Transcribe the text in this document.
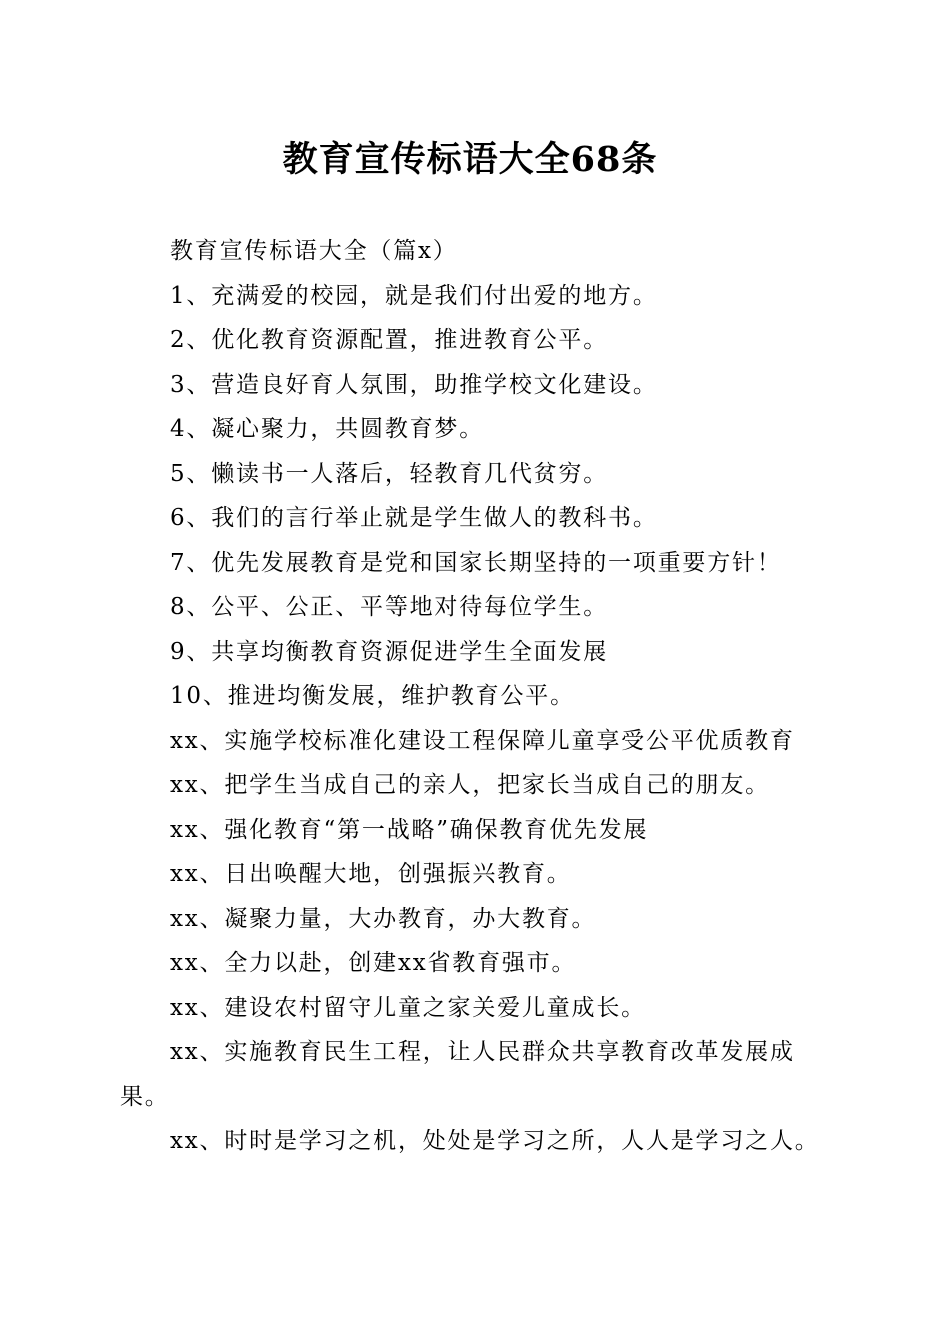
教育宣传标语大全68条

教育宣传标语大全（篇x）

1、充满爱的校园，就是我们付出爱的地方。

2、优化教育资源配置，推进教育公平。

3、营造良好育人氛围，助推学校文化建设。

4、凝心聚力，共圆教育梦。

5、懒读书一人落后，轻教育几代贫穷。

6、我们的言行举止就是学生做人的教科书。

7、优先发展教育是党和国家长期坚持的一项重要方针！

8、公平、公正、平等地对待每位学生。

9、共享均衡教育资源促进学生全面发展

10、推进均衡发展，维护教育公平。

xx、实施学校标准化建设工程保障儿童享受公平优质教育

xx、把学生当成自己的亲人，把家长当成自己的朋友。

xx、强化教育“第一战略”确保教育优先发展

xx、日出唤醒大地，创强振兴教育。

xx、凝聚力量，大办教育，办大教育。

xx、全力以赴，创建xx省教育强市。

xx、建设农村留守儿童之家关爱儿童成长。

xx、实施教育民生工程，让人民群众共享教育改革发展成果。

xx、时时是学习之机，处处是学习之所，人人是学习之人。
